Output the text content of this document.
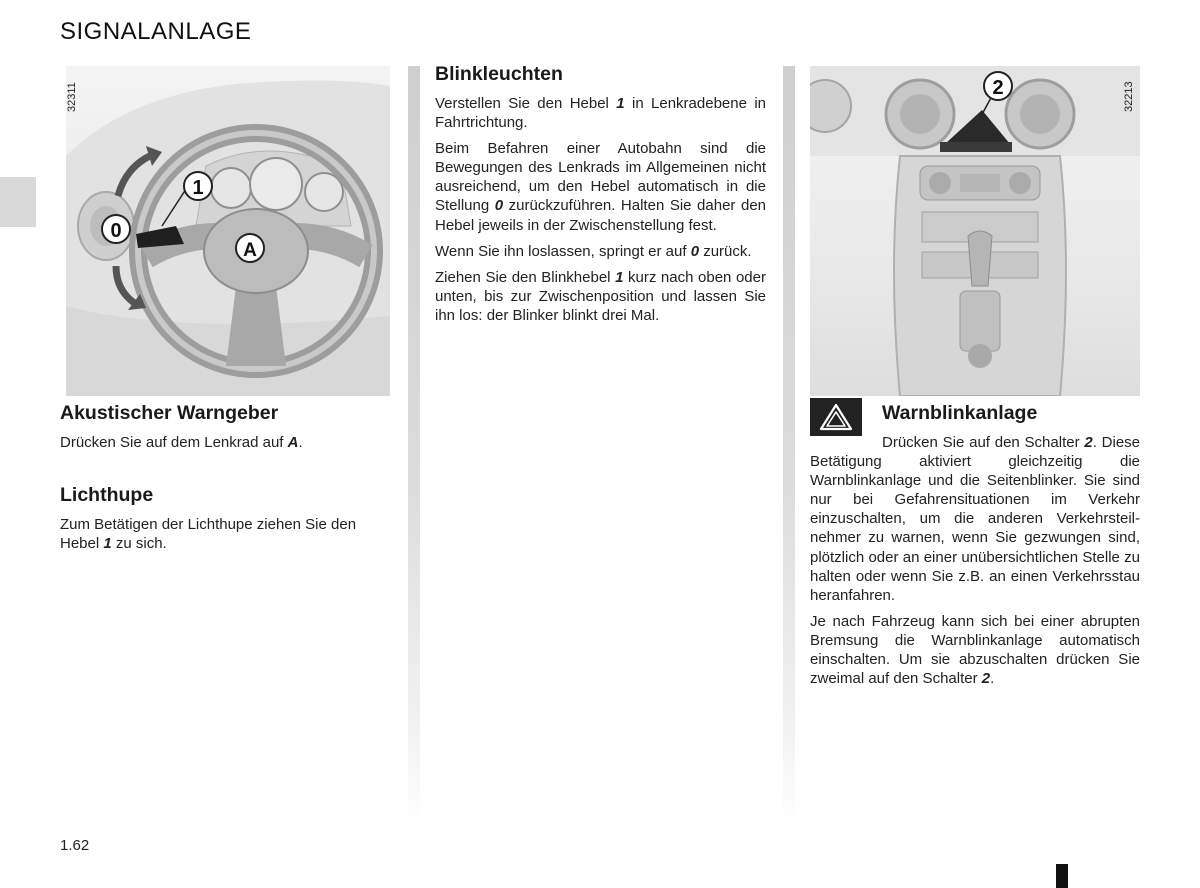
SIGNALANLAGE
1
0
A
32311	2	32213
Akustischer Warngeber

Drücken Sie auf dem Lenkrad auf A.

Lichthupe

Zum Betätigen der Lichthupe ziehen Sie den Hebel 1 zu sich.

Blinkleuchten

Verstellen Sie den Hebel 1 in Lenkradebene in Fahrtrichtung.

Beim Befahren einer Autobahn sind die Bewegungen des Lenkrads im Allgemeinen nicht ausreichend, um den Hebel automatisch in die Stellung 0 zurückzuführen. Halten Sie daher den Hebel jeweils in der Zwischenstellung fest.

Wenn Sie ihn loslassen, springt er auf 0 zurück.

Ziehen Sie den Blinkhebel 1 kurz nach oben oder unten, bis zur Zwischenposition und lassen Sie ihn los: der Blinker blinkt drei Mal.

Warnblinkanlage

Drücken Sie auf den Schalter 2. Diese Betätigung aktiviert gleichzeitig die Warnblinkanlage und die Seitenblinker. Sie sind nur bei Gefahrensituationen im Verkehr einzuschalten, um die anderen Verkehrsteilnehmer zu warnen, wenn Sie gezwungen sind, plötzlich oder an einer unübersichtlichen Stelle zu halten oder wenn Sie z.B. an einen Verkehrsstau heranfahren.

Je nach Fahrzeug kann sich bei einer abrupten Bremsung die Warnblinkanlage automatisch einschalten. Um sie abzuschalten drücken Sie zweimal auf den Schalter 2.

1.62
